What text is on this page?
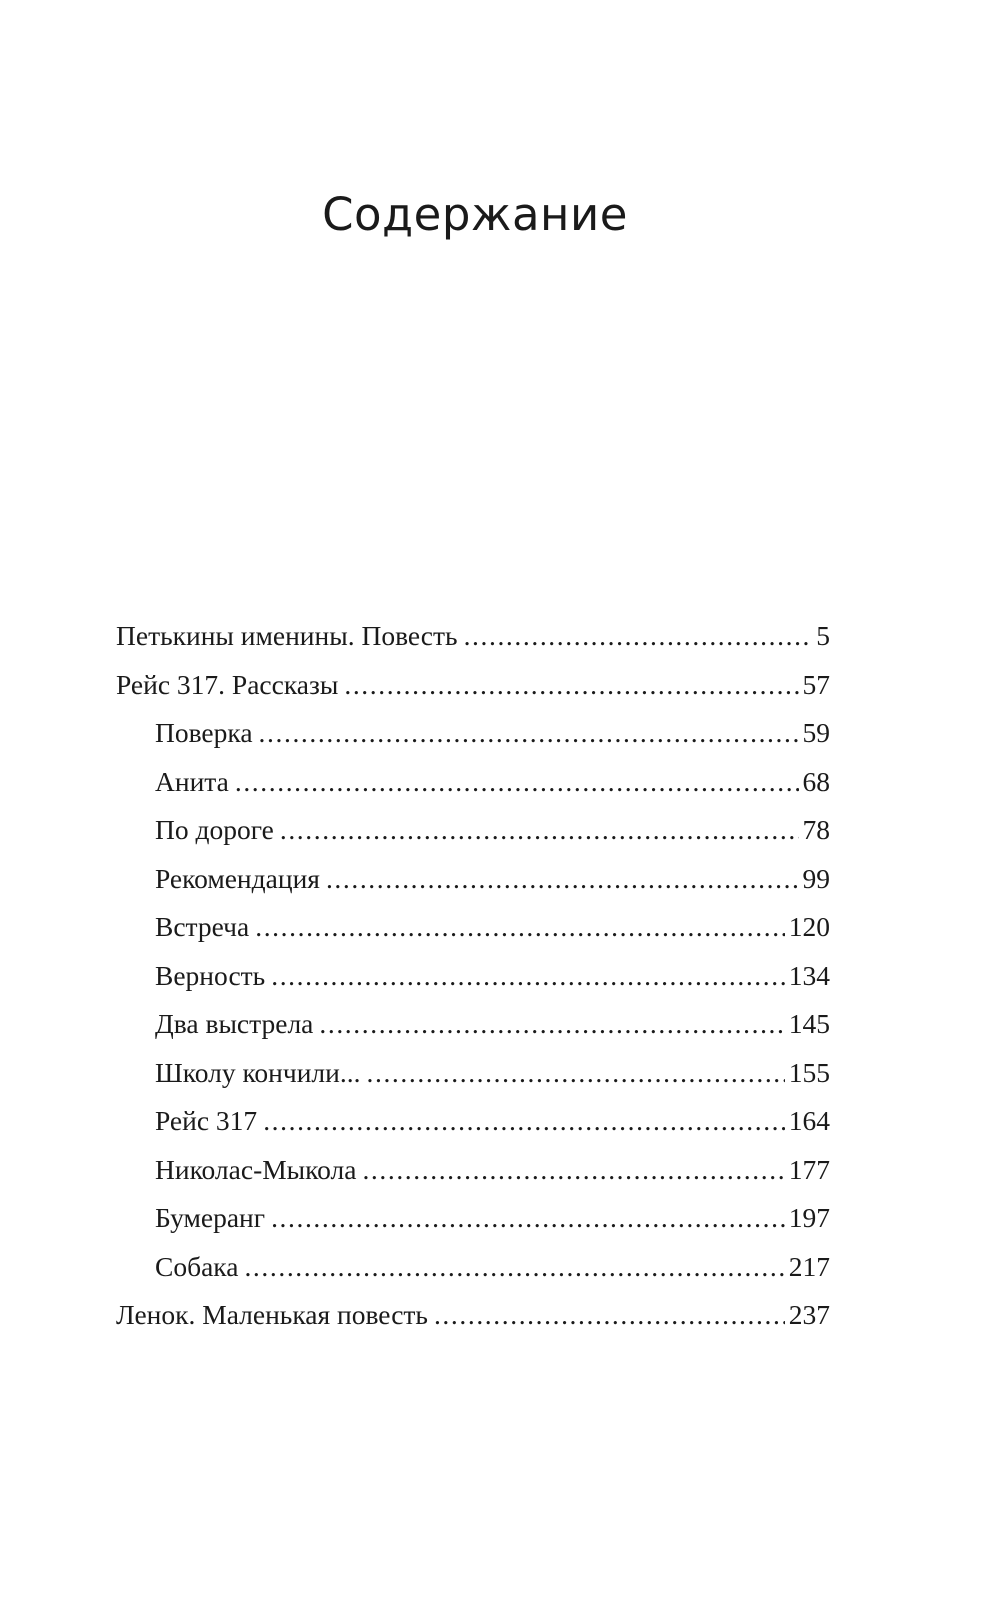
Содержание
Петькины именины. Повесть .....	5
Рейс 317. Рассказы .....	57
Поверка .....	59
Анита .....	68
По дороге .....	78
Рекомендация .....	99
Встреча .....	120
Верность .....	134
Два выстрела .....	145
Школу кончили... .....	155
Рейс 317 .....	164
Николас-Мыкола .....	177
Бумеранг .....	197
Собака .....	217
Ленок. Маленькая повесть .....	237
